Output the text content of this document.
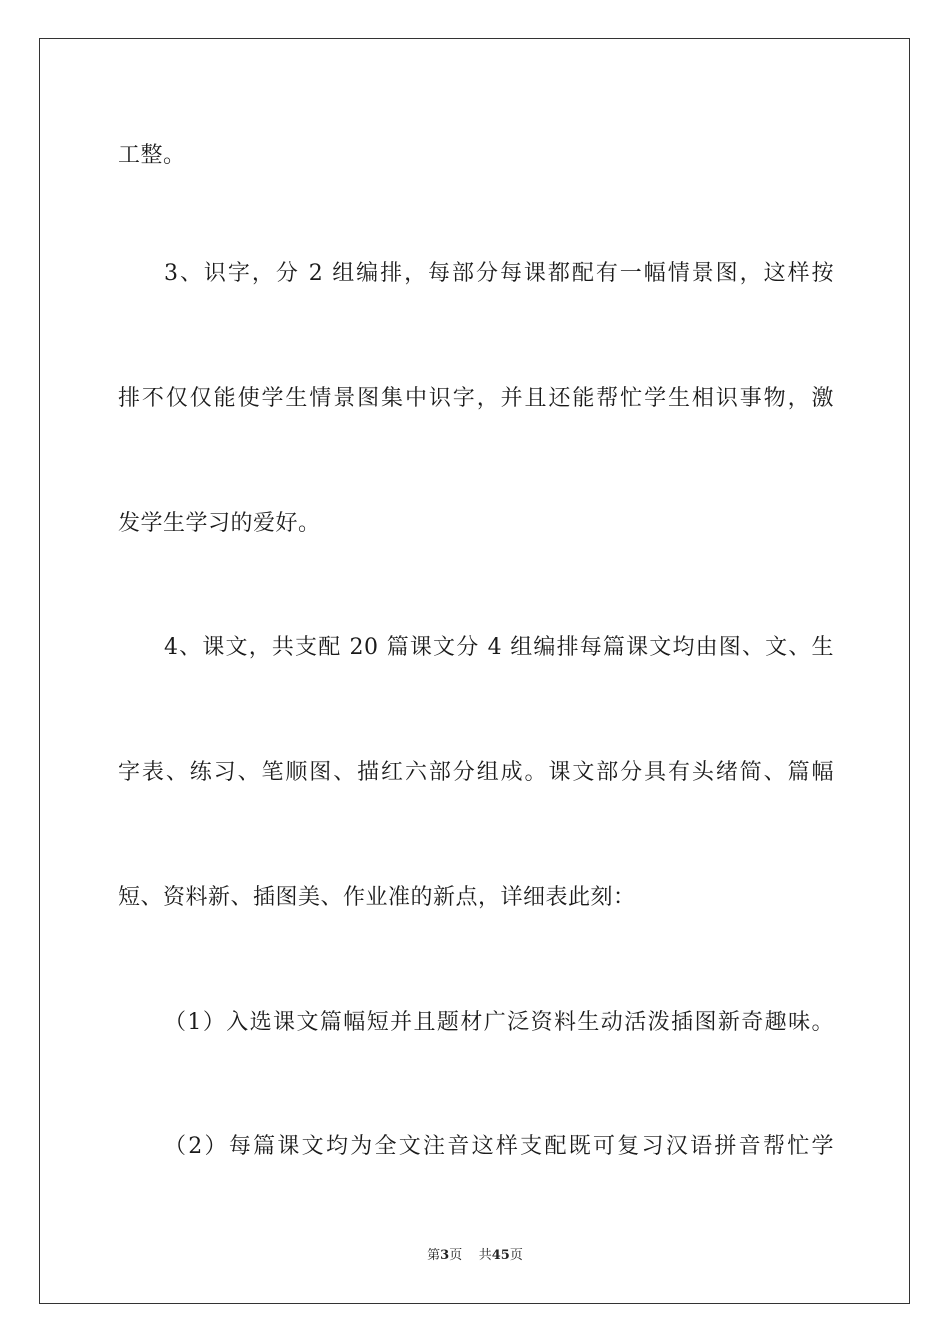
工整。
3、识字，分 2 组编排，每部分每课都配有一幅情景图，这样按
排不仅仅能使学生情景图集中识字，并且还能帮忙学生相识事物，激
发学生学习的爱好。
4、课文，共支配 20 篇课文分 4 组编排每篇课文均由图、文、生
字表、练习、笔顺图、描红六部分组成。课文部分具有头绪简、篇幅
短、资料新、插图美、作业准的新点，详细表此刻：
（1）入选课文篇幅短并且题材广泛资料生动活泼插图新奇趣味。
（2）每篇课文均为全文注音这样支配既可复习汉语拼音帮忙学
第3页 共45页
